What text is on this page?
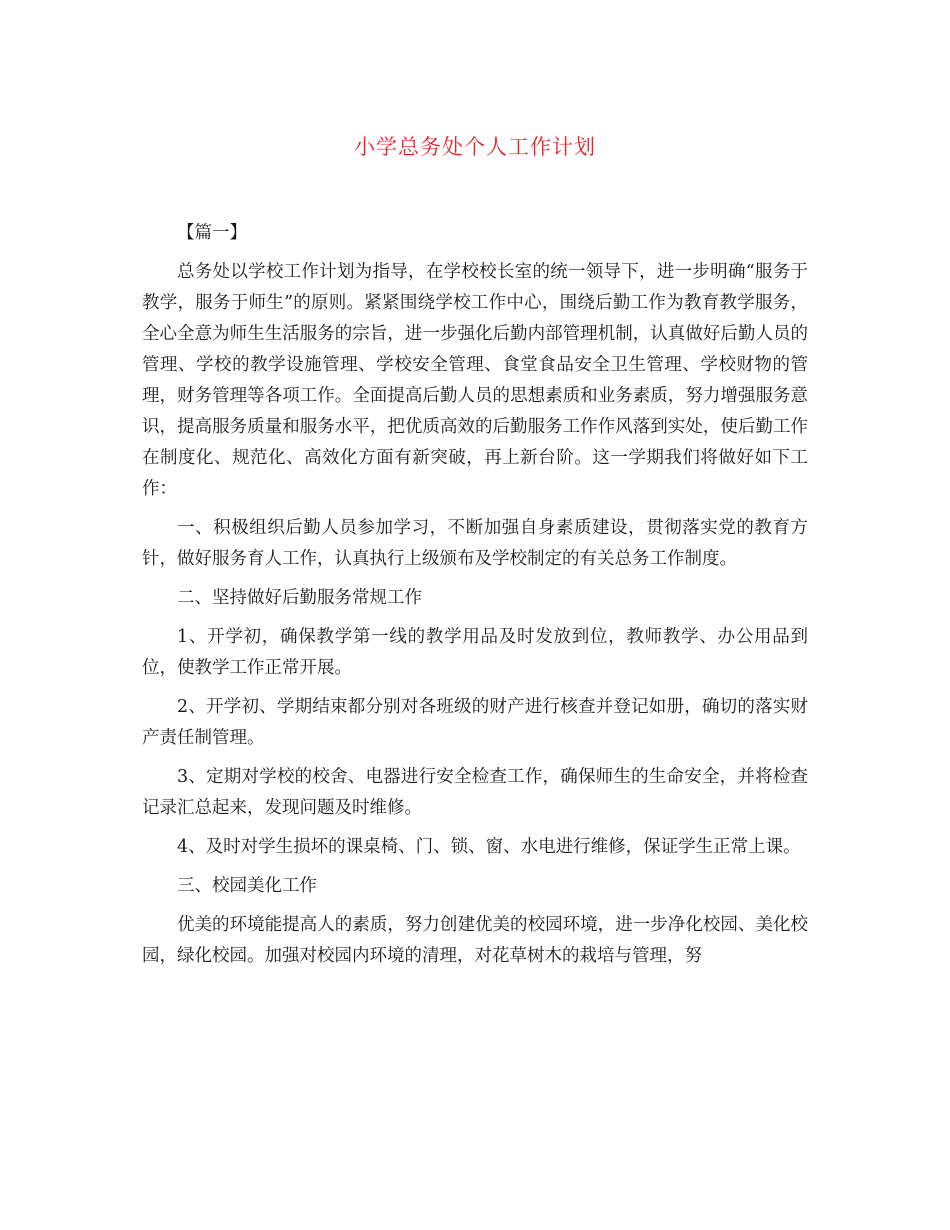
小学总务处个人工作计划

【篇一】

总务处以学校工作计划为指导，在学校校长室的统一领导下，进一步明确“服务于教学，服务于师生”的原则。紧紧围绕学校工作中心，围绕后勤工作为教育教学服务，全心全意为师生生活服务的宗旨，进一步强化后勤内部管理机制，认真做好后勤人员的管理、学校的教学设施管理、学校安全管理、食堂食品安全卫生管理、学校财物的管理，财务管理等各项工作。全面提高后勤人员的思想素质和业务素质，努力增强服务意识，提高服务质量和服务水平，把优质高效的后勤服务工作作风落到实处，使后勤工作在制度化、规范化、高效化方面有新突破，再上新台阶。这一学期我们将做好如下工作：

一、积极组织后勤人员参加学习，不断加强自身素质建设，贯彻落实党的教育方针，做好服务育人工作，认真执行上级颁布及学校制定的有关总务工作制度。

二、坚持做好后勤服务常规工作

1、开学初，确保教学第一线的教学用品及时发放到位，教师教学、办公用品到位，使教学工作正常开展。

2、开学初、学期结束都分别对各班级的财产进行核查并登记如册，确切的落实财产责任制管理。

3、定期对学校的校舍、电器进行安全检查工作，确保师生的生命安全，并将检查记录汇总起来，发现问题及时维修。

4、及时对学生损坏的课桌椅、门、锁、窗、水电进行维修，保证学生正常上课。

三、校园美化工作

优美的环境能提高人的素质，努力创建优美的校园环境，进一步净化校园、美化校园，绿化校园。加强对校园内环境的清理，对花草树木的栽培与管理，努
